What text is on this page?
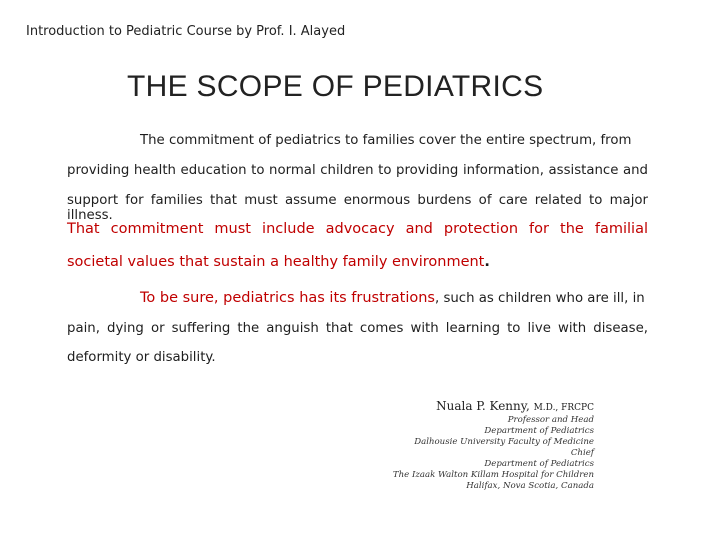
Introduction to Pediatric Course by Prof. I. Alayed
THE SCOPE OF PEDIATRICS
The commitment of pediatrics to families cover the entire spectrum, from
providing health education to normal children to providing information, assistance and
support for families that must assume enormous burdens of care related to major illness.
That commitment must include advocacy and protection for the familial
societal values that sustain a healthy family environment.
To be sure, pediatrics has its frustrations, such as children who are ill, in
pain, dying or suffering the anguish that comes with learning to live with disease,
deformity or disability.
Nuala P. Kenny, M.D., FRCPC
Professor and Head
Department of Pediatrics
Dalhousie University Faculty of Medicine
Chief
Department of Pediatrics
The Izaak Walton Killam Hospital for Children
Halifax, Nova Scotia, Canada
